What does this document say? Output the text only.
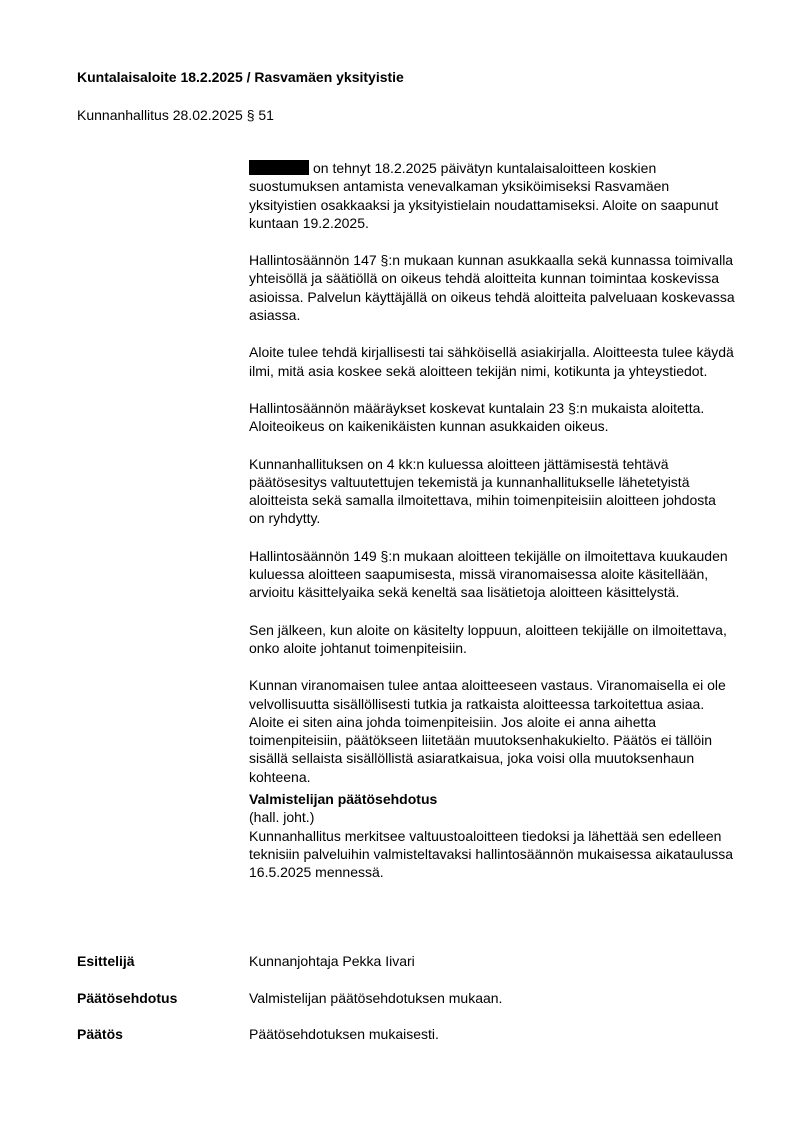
Kuntalaisaloite 18.2.2025 / Rasvamäen yksityistie
Kunnanhallitus 28.02.2025 § 51

on tehnyt 18.2.2025 päivätyn kuntalaisaloitteen koskien suostumuksen antamista venevalkaman yksiköimiseksi Rasvamäen yksityistien osakkaaksi ja yksityistielain noudattamiseksi. Aloite on saapunut kuntaan 19.2.2025.

Hallintosäännön 147 §:n mukaan kunnan asukkaalla sekä kunnassa toimivalla yhteisöllä ja säätiöllä on oikeus tehdä aloitteita kunnan toimintaa koskevissa asioissa. Palvelun käyttäjällä on oikeus tehdä aloitteita palveluaan koskevassa asiassa.

Aloite tulee tehdä kirjallisesti tai sähköisellä asiakirjalla. Aloitteesta tulee käydä ilmi, mitä asia koskee sekä aloitteen tekijän nimi, kotikunta ja yhteystiedot.

Hallintosäännön määräykset koskevat kuntalain 23 §:n mukaista aloitetta. Aloiteoikeus on kaikenikäisten kunnan asukkaiden oikeus.

Kunnanhallituksen on 4 kk:n kuluessa aloitteen jättämisestä tehtävä päätösesitys valtuutettujen tekemistä ja kunnanhallitukselle lähetetyistä aloitteista sekä samalla ilmoitettava, mihin toimenpiteisiin aloitteen johdosta on ryhdytty.

Hallintosäännön 149 §:n mukaan aloitteen tekijälle on ilmoitettava kuukauden kuluessa aloitteen saapumisesta, missä viranomaisessa aloite käsitellään, arvioitu käsittelyaika sekä keneltä saa lisätietoja aloitteen käsittelystä.

Sen jälkeen, kun aloite on käsitelty loppuun, aloitteen tekijälle on ilmoitettava, onko aloite johtanut toimenpiteisiin.

Kunnan viranomaisen tulee antaa aloitteeseen vastaus. Viranomaisella ei ole velvollisuutta sisällöllisesti tutkia ja ratkaista aloitteessa tarkoitettua asiaa. Aloite ei siten aina johda toimenpiteisiin. Jos aloite ei anna aihetta toimenpiteisiin, päätökseen liitetään muutoksenhakukielto. Päätös ei tällöin sisällä sellaista sisällöllistä asiaratkaisua, joka voisi olla muutoksenhaun kohteena.

Valmistelijan päätösehdotus
(hall. joht.)
Kunnanhallitus merkitsee valtuustoaloitteen tiedoksi ja lähettää sen edelleen teknisiin palveluihin valmisteltavaksi hallintosäännön mukaisessa aikataulussa 16.5.2025 mennessä.
Esittelijä	Kunnanjohtaja Pekka Iivari
Päätösehdotus	Valmistelijan päätösehdotuksen mukaan.
Päätös	Päätösehdotuksen mukaisesti.
